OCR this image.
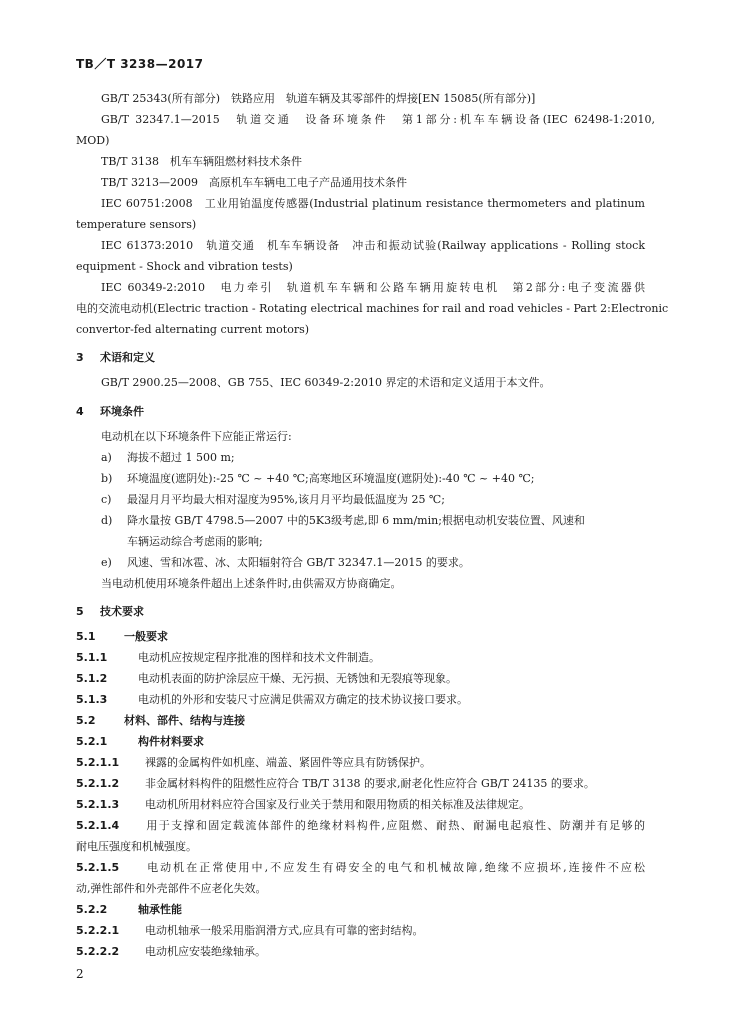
TB／T 3238—2017
GB/T 25343(所有部分)　铁路应用　轨道车辆及其零部件的焊接[EN 15085(所有部分)]
GB/T 32347.1—2015　轨道交通　设备环境条件　第1部分:机车车辆设备(IEC 62498-1:2010,
MOD)
TB/T 3138　机车车辆阻燃材料技术条件
TB/T 3213—2009　高原机车车辆电工电子产品通用技术条件
IEC 60751:2008　工业用铂温度传感器(Industrial platinum resistance thermometers and platinum
temperature sensors)
IEC 61373:2010　轨道交通　机车车辆设备　冲击和振动试验(Railway applications - Rolling stock
equipment - Shock and vibration tests)
IEC 60349-2:2010　电力牵引　轨道机车车辆和公路车辆用旋转电机　第2部分:电子变流器供
电的交流电动机(Electric traction - Rotating electrical machines for rail and road vehicles - Part 2:Electronic
convertor-fed alternating current motors)
3 术语和定义
GB/T 2900.25—2008、GB 755、IEC 60349-2:2010 界定的术语和定义适用于本文件。
4 环境条件
电动机在以下环境条件下应能正常运行:
a) 海拔不超过 1 500 m;
b) 环境温度(遮阴处):-25 ℃ ~ +40 ℃;高寒地区环境温度(遮阴处):-40 ℃ ~ +40 ℃;
c) 最湿月月平均最大相对湿度为95%,该月月平均最低温度为 25 ℃;
d) 降水量按 GB/T 4798.5—2007 中的5K3级考虑,即 6 mm/min;根据电动机安装位置、风速和
车辆运动综合考虑雨的影响;
e) 风速、雪和冰雹、冰、太阳辐射符合 GB/T 32347.1—2015 的要求。
当电动机使用环境条件超出上述条件时,由供需双方协商确定。
5 技术要求
5.1	一般要求
5.1.1	电动机应按规定程序批准的图样和技术文件制造。
5.1.2	电动机表面的防护涂层应干燥、无污损、无锈蚀和无裂痕等现象。
5.1.3	电动机的外形和安装尺寸应满足供需双方确定的技术协议接口要求。
5.2	材料、部件、结构与连接
5.2.1	构件材料要求
5.2.1.1 裸露的金属构件如机座、端盖、紧固件等应具有防锈保护。
5.2.1.2 非金属材料构件的阻燃性应符合 TB/T 3138 的要求,耐老化性应符合 GB/T 24135 的要求。
5.2.1.3 电动机所用材料应符合国家及行业关于禁用和限用物质的相关标准及法律规定。
5.2.1.4 用于支撑和固定载流体部件的绝缘材料构件,应阻燃、耐热、耐漏电起痕性、防潮并有足够的
耐电压强度和机械强度。
5.2.1.5 电动机在正常使用中,不应发生有碍安全的电气和机械故障,绝缘不应损坏,连接件不应松
动,弹性部件和外壳部件不应老化失效。
5.2.2	轴承性能
5.2.2.1 电动机轴承一般采用脂润滑方式,应具有可靠的密封结构。
5.2.2.2 电动机应安装绝缘轴承。
2
